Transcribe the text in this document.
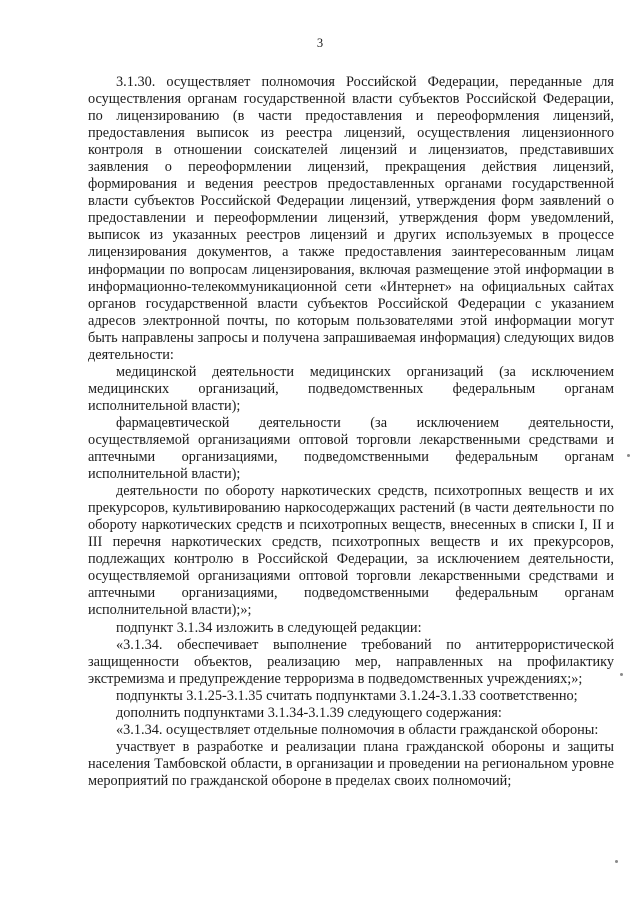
3

3.1.30. осуществляет полномочия Российской Федерации, переданные для осуществления органам государственной власти субъектов Российской Федерации, по лицензированию (в части предоставления и переоформления лицензий, предоставления выписок из реестра лицензий, осуществления лицензионного контроля в отношении соискателей лицензий и лицензиатов, представивших заявления о переоформлении лицензий, прекращения действия лицензий, формирования и ведения реестров предоставленных органами государственной власти субъектов Российской Федерации лицензий, утверждения форм заявлений о предоставлении и переоформлении лицензий, утверждения форм уведомлений, выписок из указанных реестров лицензий и других используемых в процессе лицензирования документов, а также предоставления заинтересованным лицам информации по вопросам лицензирования, включая размещение этой информации в информационно-телекоммуникационной сети «Интернет» на официальных сайтах органов государственной власти субъектов Российской Федерации с указанием адресов электронной почты, по которым пользователями этой информации могут быть направлены запросы и получена запрашиваемая информация) следующих видов деятельности:

медицинской деятельности медицинских организаций (за исключением медицинских организаций, подведомственных федеральным органам исполнительной власти);

фармацевтической деятельности (за исключением деятельности, осуществляемой организациями оптовой торговли лекарственными средствами и аптечными организациями, подведомственными федеральным органам исполнительной власти);

деятельности по обороту наркотических средств, психотропных веществ и их прекурсоров, культивированию наркосодержащих растений (в части деятельности по обороту наркотических средств и психотропных веществ, внесенных в списки I, II и III перечня наркотических средств, психотропных веществ и их прекурсоров, подлежащих контролю в Российской Федерации, за исключением деятельности, осуществляемой организациями оптовой торговли лекарственными средствами и аптечными организациями, подведомственными федеральным органам исполнительной власти);»;

подпункт 3.1.34 изложить в следующей редакции:

«3.1.34. обеспечивает выполнение требований по антитеррористической защищенности объектов, реализацию мер, направленных на профилактику экстремизма и предупреждение терроризма в подведомственных учреждениях;»;

подпункты 3.1.25-3.1.35 считать подпунктами 3.1.24-3.1.33 соответственно;

дополнить подпунктами 3.1.34-3.1.39 следующего содержания:

«3.1.34. осуществляет отдельные полномочия в области гражданской обороны:

участвует в разработке и реализации плана гражданской обороны и защиты населения Тамбовской области, в организации и проведении на региональном уровне мероприятий по гражданской обороне в пределах своих полномочий;
